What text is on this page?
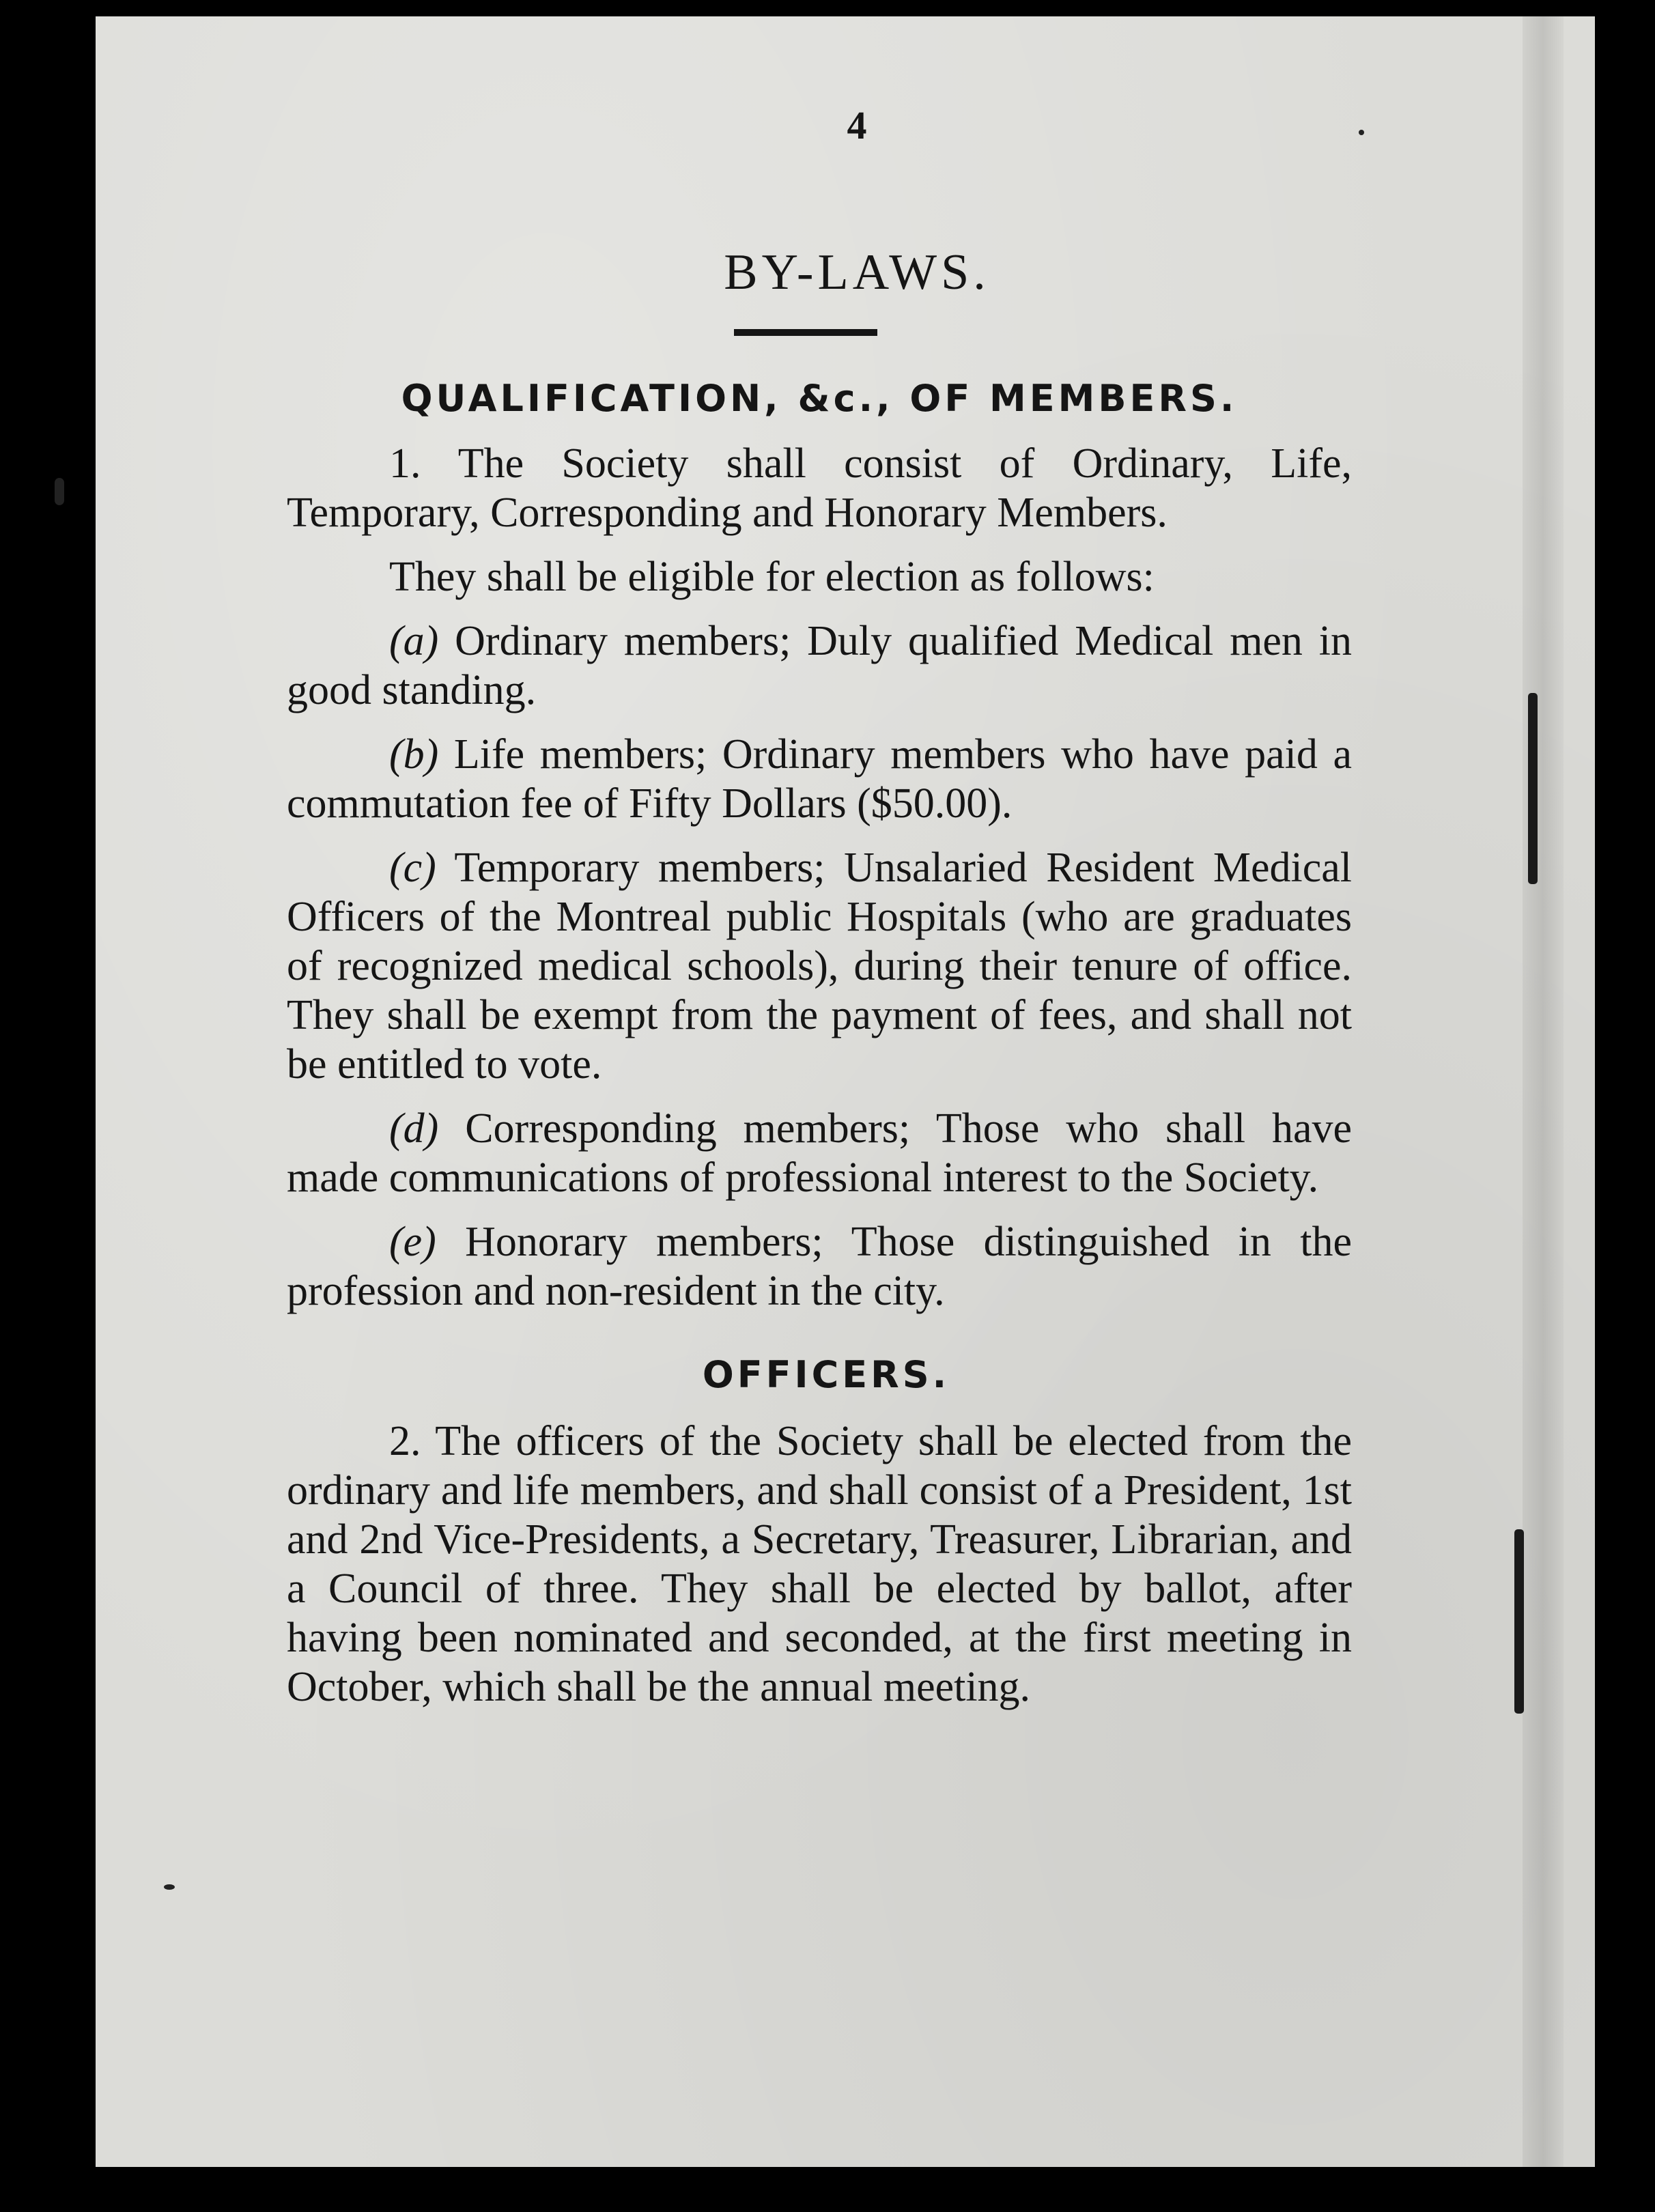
4
BY-LAWS.
QUALIFICATION, &c., OF MEMBERS.

1. The Society shall consist of Ordinary, Life, Temporary, Corresponding and Honorary Members.

They shall be eligible for election as follows:

(a) Ordinary members; Duly qualified Medical men in good standing.

(b) Life members; Ordinary members who have paid a commutation fee of Fifty Dollars ($50.00).

(c) Temporary members; Unsalaried Resident Medical Officers of the Montreal public Hospitals (who are graduates of recognized medical schools), during their tenure of office. They shall be exempt from the payment of fees, and shall not be entitled to vote.

(d) Corresponding members; Those who shall have made communications of professional interest to the Society.

(e) Honorary members; Those distinguished in the profession and non-resident in the city.

OFFICERS.

2. The officers of the Society shall be elected from the ordinary and life members, and shall consist of a President, 1st and 2nd Vice-Presidents, a Secretary, Treasurer, Librarian, and a Council of three. They shall be elected by ballot, after having been nominated and seconded, at the first meeting in October, which shall be the annual meeting.
